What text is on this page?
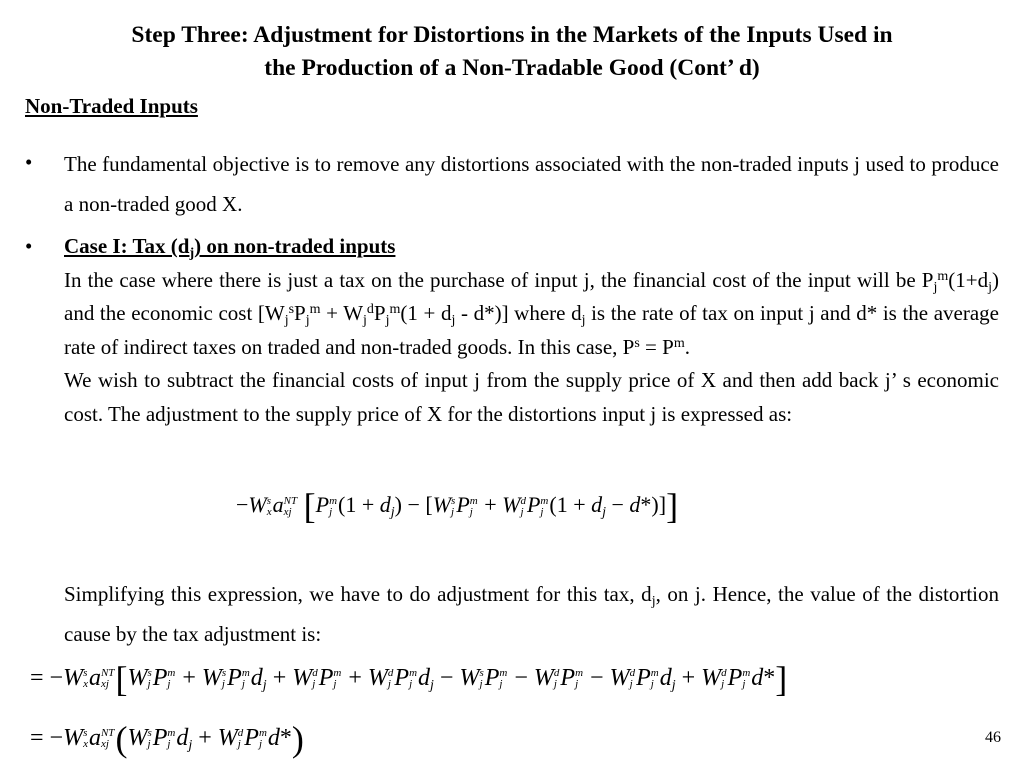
Step Three: Adjustment for Distortions in the Markets of the Inputs Used in
the Production of a Non-Tradable Good (Cont’ d)
Non-Traded Inputs
• The fundamental objective is to remove any distortions associated with the non-traded inputs j used to produce a non-traded good X.
• Case I: Tax $(d_j)$ on non-traded inputs
In the case where there is just a tax on the purchase of input j, the financial cost of the input will be $P_j^m(1+d_j)$ and the economic cost $[W_j^sP_j^m + W_j^dP_j^m(1 + d_j - d*)]$ where $d_j$ is the rate of tax on input j and d* is the average rate of indirect taxes on traded and non-traded goods. In this case, $P^s = P^m$.
We wish to subtract the financial costs of input j from the supply price of X and then add back j’ s economic cost. The adjustment to the supply price of X for the distortions input j is expressed as:
−W s
x a NT
xj [P m
j $(1 + d_j) - [W$ s
j P m
j + W d
j P m
j $(1 + d_j - d*)$]]
Simplifying this expression, we have to do adjustment for this tax, $d_j$, on j. Hence, the value of the distortion cause by the tax adjustment is:
= −W s
x a NT
xj [W s
j P m
j + W s
j P m
j $d_j + W$ d
j P m
j + W d
j P m
j $d_j - W$ s
j P m
j − W d
j P m
j − W d
j P m
j $d_j + W$ d
j P m
j d*]
= −W s
x a NT
xj (W s
j P m
j $d_j + W$ d
j P m
j d*)	46
